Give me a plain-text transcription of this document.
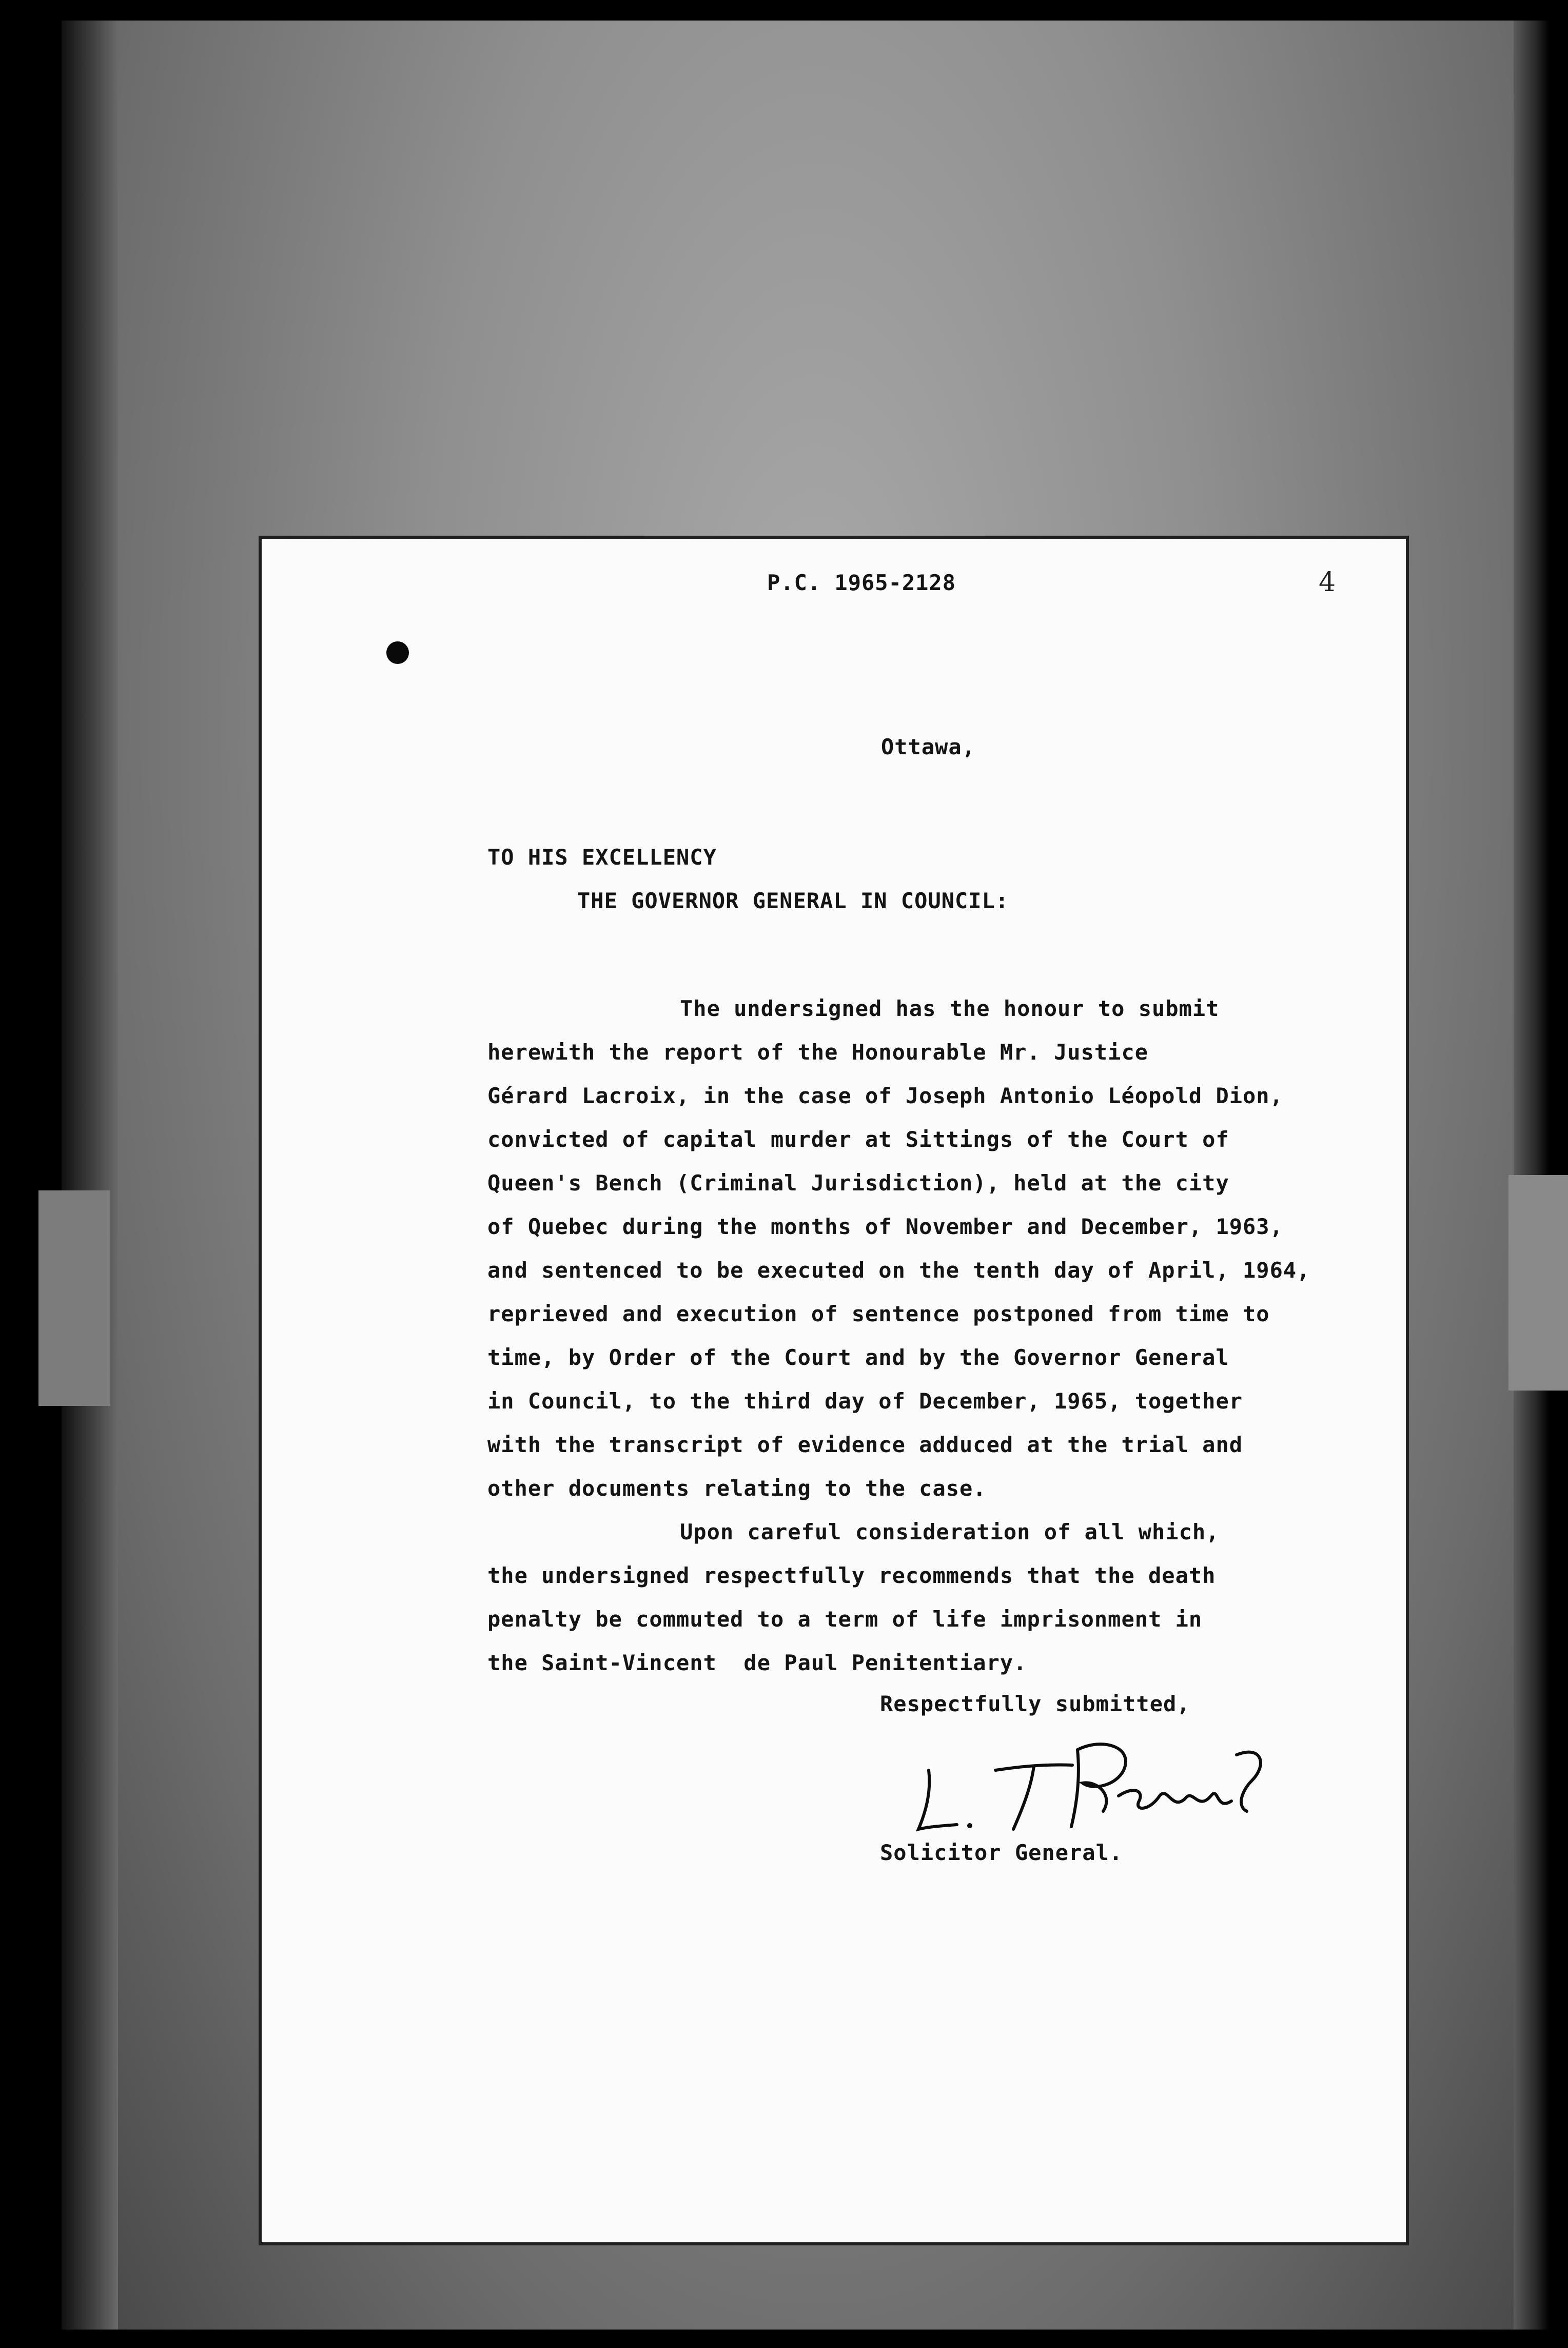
P.C. 1965-2128	4
Ottawa,
TO HIS EXCELLENCY
THE GOVERNOR GENERAL IN COUNCIL:
The undersigned has the honour to submit
herewith the report of the Honourable Mr. Justice
Gérard Lacroix, in the case of Joseph Antonio Léopold Dion,
convicted of capital murder at Sittings of the Court of
Queen's Bench (Criminal Jurisdiction), held at the city
of Quebec during the months of November and December, 1963,
and sentenced to be executed on the tenth day of April, 1964,
reprieved and execution of sentence postponed from time to
time, by Order of the Court and by the Governor General
in Council, to the third day of December, 1965, together
with the transcript of evidence adduced at the trial and
other documents relating to the case.
Upon careful consideration of all which,
the undersigned respectfully recommends that the death
penalty be commuted to a term of life imprisonment in
the Saint-Vincent  de Paul Penitentiary.
Respectfully submitted,
Solicitor General.
